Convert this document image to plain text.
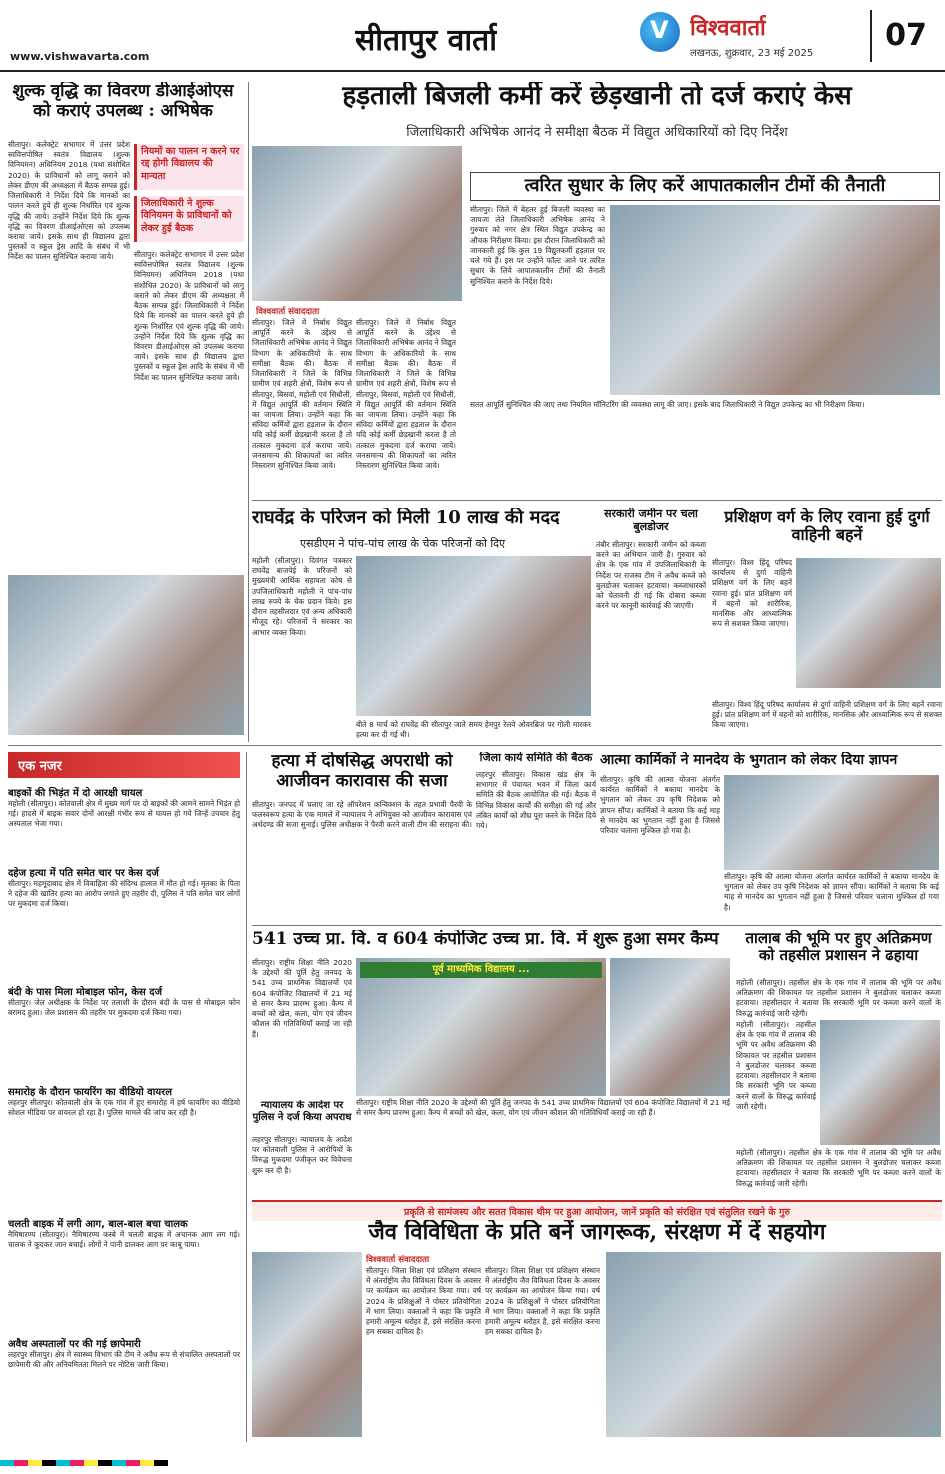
www.vishwavarta.com	सीतापुर वार्ता	V विश्ववार्ता
लखनऊ, शुक्रवार, 23 मई 2025
07
शुल्क वृद्धि का विवरण डीआईओएस को कराएं उपलब्ध : अभिषेक
सीतापुर। कलेक्ट्रेट सभागार में उत्तर प्रदेश स्ववित्तपोषित स्वतंत्र विद्यालय (शुल्क विनियमन) अधिनियम 2018 (यथा संशोधित 2020) के प्राविधानों को लागू कराने को लेकर डीएम की अध्यक्षता में बैठक सम्पन्न हुई। जिलाधिकारी ने निर्देश दिये कि मानकों का पालन करते हुये ही शुल्क निर्धारित एवं शुल्क वृद्धि की जाये। उन्होंने निर्देश दिये कि शुल्क वृद्धि का विवरण डीआईओएस को उपलब्ध कराया जाये। इसके साथ ही विद्यालय द्वारा पुस्तकों व स्कूल ड्रेस आदि के संबंध में भी निर्देश का पालन सुनिश्चित कराया जाये।

नियमों का पालन न करने पर रद्द होगी विद्यालय की मान्यता

जिलाधिकारी ने शुल्क विनियमन के प्राविधानों को लेकर हुई बैठक

सीतापुर। कलेक्ट्रेट सभागार में उत्तर प्रदेश स्ववित्तपोषित स्वतंत्र विद्यालय (शुल्क विनियमन) अधिनियम 2018 (यथा संशोधित 2020) के प्राविधानों को लागू कराने को लेकर डीएम की अध्यक्षता में बैठक सम्पन्न हुई। जिलाधिकारी ने निर्देश दिये कि मानकों का पालन करते हुये ही शुल्क निर्धारित एवं शुल्क वृद्धि की जाये। उन्होंने निर्देश दिये कि शुल्क वृद्धि का विवरण डीआईओएस को उपलब्ध कराया जाये। इसके साथ ही विद्यालय द्वारा पुस्तकों व स्कूल ड्रेस आदि के संबंध में भी निर्देश का पालन सुनिश्चित कराया जाये।
हड़ताली बिजली कर्मी करें छेड़खानी तो दर्ज कराएं केस
जिलाधिकारी अभिषेक आनंद ने समीक्षा बैठक में विद्युत अधिकारियों को दिए निर्देश
विश्ववार्ता संवाददाता
सीतापुर। जिले में निर्बाध विद्युत आपूर्ति करने के उद्देश्य से जिलाधिकारी अभिषेक आनंद ने विद्युत विभाग के अधिकारियों के साथ समीक्षा बैठक की। बैठक में जिलाधिकारी ने जिले के विभिन्न ग्रामीण एवं शहरी क्षेत्रों, विशेष रूप से सीतापुर, बिसवां, महोली एवं सिधौली, में विद्युत आपूर्ति की वर्तमान स्थिति का जायजा लिया। उन्होंने कहा कि संविदा कर्मियों द्वारा हड़ताल के दौरान यदि कोई कर्मी छेड़खानी करता है तो तत्काल मुकदमा दर्ज कराया जाये। जनसमान्य की शिकायतों का त्वरित निस्तारण सुनिश्चित किया जाये।
सीतापुर। जिले में निर्बाध विद्युत आपूर्ति करने के उद्देश्य से जिलाधिकारी अभिषेक आनंद ने विद्युत विभाग के अधिकारियों के साथ समीक्षा बैठक की। बैठक में जिलाधिकारी ने जिले के विभिन्न ग्रामीण एवं शहरी क्षेत्रों, विशेष रूप से सीतापुर, बिसवां, महोली एवं सिधौली, में विद्युत आपूर्ति की वर्तमान स्थिति का जायजा लिया। उन्होंने कहा कि संविदा कर्मियों द्वारा हड़ताल के दौरान यदि कोई कर्मी छेड़खानी करता है तो तत्काल मुकदमा दर्ज कराया जाये। जनसमान्य की शिकायतों का त्वरित निस्तारण सुनिश्चित किया जाये।
त्वरित सुधार के लिए करें आपातकालीन टीमों की तैनाती
सीतापुर। जिले में बेहतर हुई बिजली व्यवस्था का जायजा लेते जिलाधिकारी अभिषेक आनंद ने गुरुवार को नगर क्षेत्र स्थित विद्युत उपकेन्द्र का औचक निरीक्षण किया। इस दौरान जिलाधिकारी को जानकारी हुई कि कुल 19 विद्युतकर्मी हड़ताल पर चले गये हैं। इस पर उन्होंने फॉल्ट आने पर त्वरित सुधार के लिये आपातकालीन टीमों की तैनाती सुनिश्चित कराने के निर्देश दिये।
सतत आपूर्ति सुनिश्चित की जाए तथा नियमित मॉनिटरिंग की व्यवस्था लागू की जाए। इसके बाद जिलाधिकारी ने विद्युत उपकेन्द्र का भी निरीक्षण किया।
राघवेंद्र के परिजन को मिली 10 लाख की मदद
एसडीएम ने पांच-पांच लाख के चेक परिजनों को दिए
महोली (सीतापुर)। दिवंगत पत्रकार राघवेंद्र बाजपेई के परिजनों को मुख्यमंत्री आर्थिक सहायता कोष से उपजिलाधिकारी महोली ने पांच-पांच लाख रुपये के चेक प्रदान किये। इस दौरान तहसीलदार एवं अन्य अधिकारी मौजूद रहे। परिजनों ने सरकार का आभार व्यक्त किया।
बीते 8 मार्च को राघवेंद्र की सीतापुर जाते समय हेमपुर रेलवे ओवरब्रिज पर गोली मारकर हत्या कर दी गई थी।
सरकारी जमीन पर चला बुलडोजर
तंबौर सीतापुर। सरकारी जमीन को कब्जा करने का अभियान जारी है। गुरुवार को क्षेत्र के एक गांव में उपजिलाधिकारी के निर्देश पर राजस्व टीम ने अवैध कब्जे को बुलडोजर चलाकर हटवाया। कब्जाधारकों को चेतावनी दी गई कि दोबारा कब्जा करने पर कानूनी कार्रवाई की जाएगी।
प्रशिक्षण वर्ग के लिए रवाना हुई दुर्गा वाहिनी बहनें
सीतापुर। विश्व हिंदू परिषद कार्यालय से दुर्गा वाहिनी प्रशिक्षण वर्ग के लिए बहनें रवाना हुई। प्रांत प्रशिक्षण वर्ग में बहनों को शारीरिक, मानसिक और आध्यात्मिक रूप से सशक्त किया जाएगा।
सीतापुर। विश्व हिंदू परिषद कार्यालय से दुर्गा वाहिनी प्रशिक्षण वर्ग के लिए बहनें रवाना हुई। प्रांत प्रशिक्षण वर्ग में बहनों को शारीरिक, मानसिक और आध्यात्मिक रूप से सशक्त किया जाएगा।
एक नजर
बाइकों की भिड़ंत में दो आरक्षी घायल
महोली (सीतापुर)। कोतवाली क्षेत्र में मुख्य मार्ग पर दो बाइकों की आमने सामने भिड़ंत हो गई। हादसे में बाइक सवार दोनों आरक्षी गंभीर रूप से घायल हो गये जिन्हें उपचार हेतु अस्पताल भेजा गया।
दहेज हत्या में पति समेत चार पर केस दर्ज
सीतापुर। महमूदाबाद क्षेत्र में विवाहिता की संदिग्ध हालात में मौत हो गई। मृतका के पिता ने दहेज की खातिर हत्या का आरोप लगाते हुए तहरीर दी, पुलिस ने पति समेत चार लोगों पर मुकदमा दर्ज किया।
बंदी के पास मिला मोबाइल फोन, केस दर्ज
सीतापुर। जेल अधीक्षक के निर्देश पर तलाशी के दौरान बंदी के पास से मोबाइल फोन बरामद हुआ। जेल प्रशासन की तहरीर पर मुकदमा दर्ज किया गया।
समारोह के दौरान फायरिंग का वीडियो वायरल
लहरपुर सीतापुर। कोतवाली क्षेत्र के एक गांव में हुए समारोह में हर्ष फायरिंग का वीडियो सोशल मीडिया पर वायरल हो रहा है। पुलिस मामले की जांच कर रही है।
चलती बाइक में लगी आग, बाल-बाल बचा चालक
नैमिषारण्य (सीतापुर)। नैमिषारण्य कस्बे में चलती बाइक में अचानक आग लग गई। चालक ने कूदकर जान बचाई। लोगों ने पानी डालकर आग पर काबू पाया।
अवैध अस्पतालों पर की गई छापेमारी
लहरपुर सीतापुर। क्षेत्र में स्वास्थ्य विभाग की टीम ने अवैध रूप से संचालित अस्पतालों पर छापेमारी की और अनियमितता मिलने पर नोटिस जारी किया।
हत्या में दोषसिद्ध अपराधी को आजीवन कारावास की सजा
सीतापुर। जनपद में चलाए जा रहे ऑपरेशन कन्विक्शन के तहत प्रभावी पैरवी के फलस्वरूप हत्या के एक मामले में न्यायालय ने अभियुक्त को आजीवन कारावास एवं अर्थदण्ड की सजा सुनाई। पुलिस अधीक्षक ने पैरवी करने वाली टीम की सराहना की।
जिला कार्य समिति की बैठक
लहरपुर सीतापुर। विकास खंड क्षेत्र के सभागार में पंचायत भवन में जिला कार्य समिति की बैठक आयोजित की गई। बैठक में विभिन्न विकास कार्यों की समीक्षा की गई और लंबित कार्यों को शीघ्र पूरा करने के निर्देश दिये गये।
आत्मा कार्मिकों ने मानदेय के भुगतान को लेकर दिया ज्ञापन
सीतापुर। कृषि की आत्मा योजना अंतर्गत कार्यरत कार्मिकों ने बकाया मानदेय के भुगतान को लेकर उप कृषि निदेशक को ज्ञापन सौंपा। कार्मिकों ने बताया कि कई माह से मानदेय का भुगतान नहीं हुआ है जिससे परिवार चलाना मुश्किल हो गया है।
सीतापुर। कृषि की आत्मा योजना अंतर्गत कार्यरत कार्मिकों ने बकाया मानदेय के भुगतान को लेकर उप कृषि निदेशक को ज्ञापन सौंपा। कार्मिकों ने बताया कि कई माह से मानदेय का भुगतान नहीं हुआ है जिससे परिवार चलाना मुश्किल हो गया है।
541 उच्च प्रा. वि. व 604 कंपोजिट उच्च प्रा. वि. में शुरू हुआ समर कैम्प
सीतापुर। राष्ट्रीय शिक्षा नीति 2020 के उद्देश्यों की पूर्ति हेतु जनपद के 541 उच्च प्राथमिक विद्यालयों एवं 604 कंपोजिट विद्यालयों में 21 मई से समर कैम्प प्रारम्भ हुआ। कैम्प में बच्चों को खेल, कला, योग एवं जीवन कौशल की गतिविधियाँ कराई जा रही हैं।
पूर्व माध्यमिक विद्यालय ...
सीतापुर। राष्ट्रीय शिक्षा नीति 2020 के उद्देश्यों की पूर्ति हेतु जनपद के 541 उच्च प्राथमिक विद्यालयों एवं 604 कंपोजिट विद्यालयों में 21 मई से समर कैम्प प्रारम्भ हुआ। कैम्प में बच्चों को खेल, कला, योग एवं जीवन कौशल की गतिविधियाँ कराई जा रही हैं।
तालाब की भूमि पर हुए अतिक्रमण को तहसील प्रशासन ने ढहाया
महोली (सीतापुर)। तहसील क्षेत्र के एक गांव में तालाब की भूमि पर अवैध अतिक्रमण की शिकायत पर तहसील प्रशासन ने बुलडोजर चलाकर कब्जा हटवाया। तहसीलदार ने बताया कि सरकारी भूमि पर कब्जा करने वालों के विरुद्ध कार्रवाई जारी रहेगी।
महोली (सीतापुर)। तहसील क्षेत्र के एक गांव में तालाब की भूमि पर अवैध अतिक्रमण की शिकायत पर तहसील प्रशासन ने बुलडोजर चलाकर कब्जा हटवाया। तहसीलदार ने बताया कि सरकारी भूमि पर कब्जा करने वालों के विरुद्ध कार्रवाई जारी रहेगी।
महोली (सीतापुर)। तहसील क्षेत्र के एक गांव में तालाब की भूमि पर अवैध अतिक्रमण की शिकायत पर तहसील प्रशासन ने बुलडोजर चलाकर कब्जा हटवाया। तहसीलदार ने बताया कि सरकारी भूमि पर कब्जा करने वालों के विरुद्ध कार्रवाई जारी रहेगी।
न्यायालय के आदेश पर पुलिस ने दर्ज किया अपराध
लहरपुर सीतापुर। न्यायालय के आदेश पर कोतवाली पुलिस ने आरोपियों के विरुद्ध मुकदमा पंजीकृत कर विवेचना शुरू कर दी है।
प्रकृति से सामंजस्य और सतत विकास थीम पर हुआ आयोजन, जानें प्रकृति को संरक्षित एवं संतुलित रखने के गुरु
जैव विविधिता के प्रति बनें जागरूक, संरक्षण में दें सहयोग
विश्ववार्ता संवाददाता
सीतापुर। जिला शिक्षा एवं प्रशिक्षण संस्थान में अंतर्राष्ट्रीय जैव विविधता दिवस के अवसर पर कार्यक्रम का आयोजन किया गया। वर्ष 2024 के प्रशिक्षुओं ने पोस्टर प्रतियोगिता में भाग लिया। वक्ताओं ने कहा कि प्रकृति हमारी अमूल्य धरोहर है, इसे संरक्षित करना हम सबका दायित्व है।
सीतापुर। जिला शिक्षा एवं प्रशिक्षण संस्थान में अंतर्राष्ट्रीय जैव विविधता दिवस के अवसर पर कार्यक्रम का आयोजन किया गया। वर्ष 2024 के प्रशिक्षुओं ने पोस्टर प्रतियोगिता में भाग लिया। वक्ताओं ने कहा कि प्रकृति हमारी अमूल्य धरोहर है, इसे संरक्षित करना हम सबका दायित्व है।
